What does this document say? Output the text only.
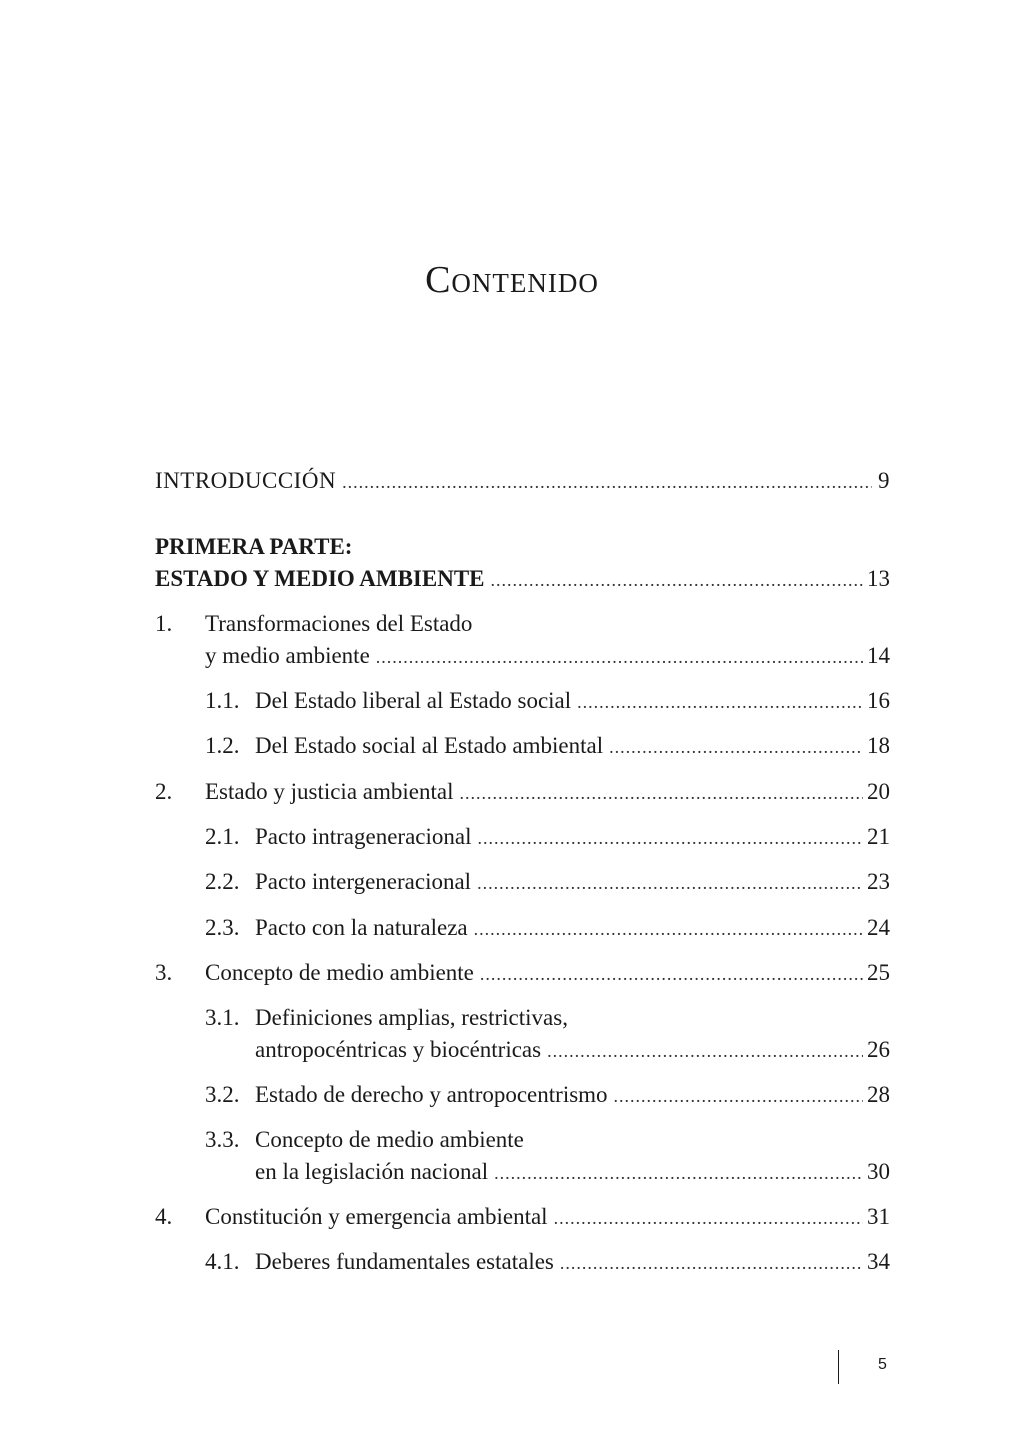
Contenido
INTRODUCCIÓN .....	9
PRIMERA PARTE:
ESTADO Y MEDIO AMBIENTE .....	13
1.	Transformaciones del Estado
y medio ambiente .....	14
1.1. Del Estado liberal al Estado social .....	16
1.2. Del Estado social al Estado ambiental .....	18
2.	Estado y justicia ambiental .....	20
2.1. Pacto intrageneracional .....	21
2.2. Pacto intergeneracional .....	23
2.3. Pacto con la naturaleza .....	24
3.	Concepto de medio ambiente .....	25
3.1. Definiciones amplias, restrictivas,
antropocéntricas y biocéntricas .....	26
3.2. Estado de derecho y antropocentrismo .....	28
3.3. Concepto de medio ambiente
en la legislación nacional .....	30
4.	Constitución y emergencia ambiental .....	31
4.1. Deberes fundamentales estatales .....	34
5
